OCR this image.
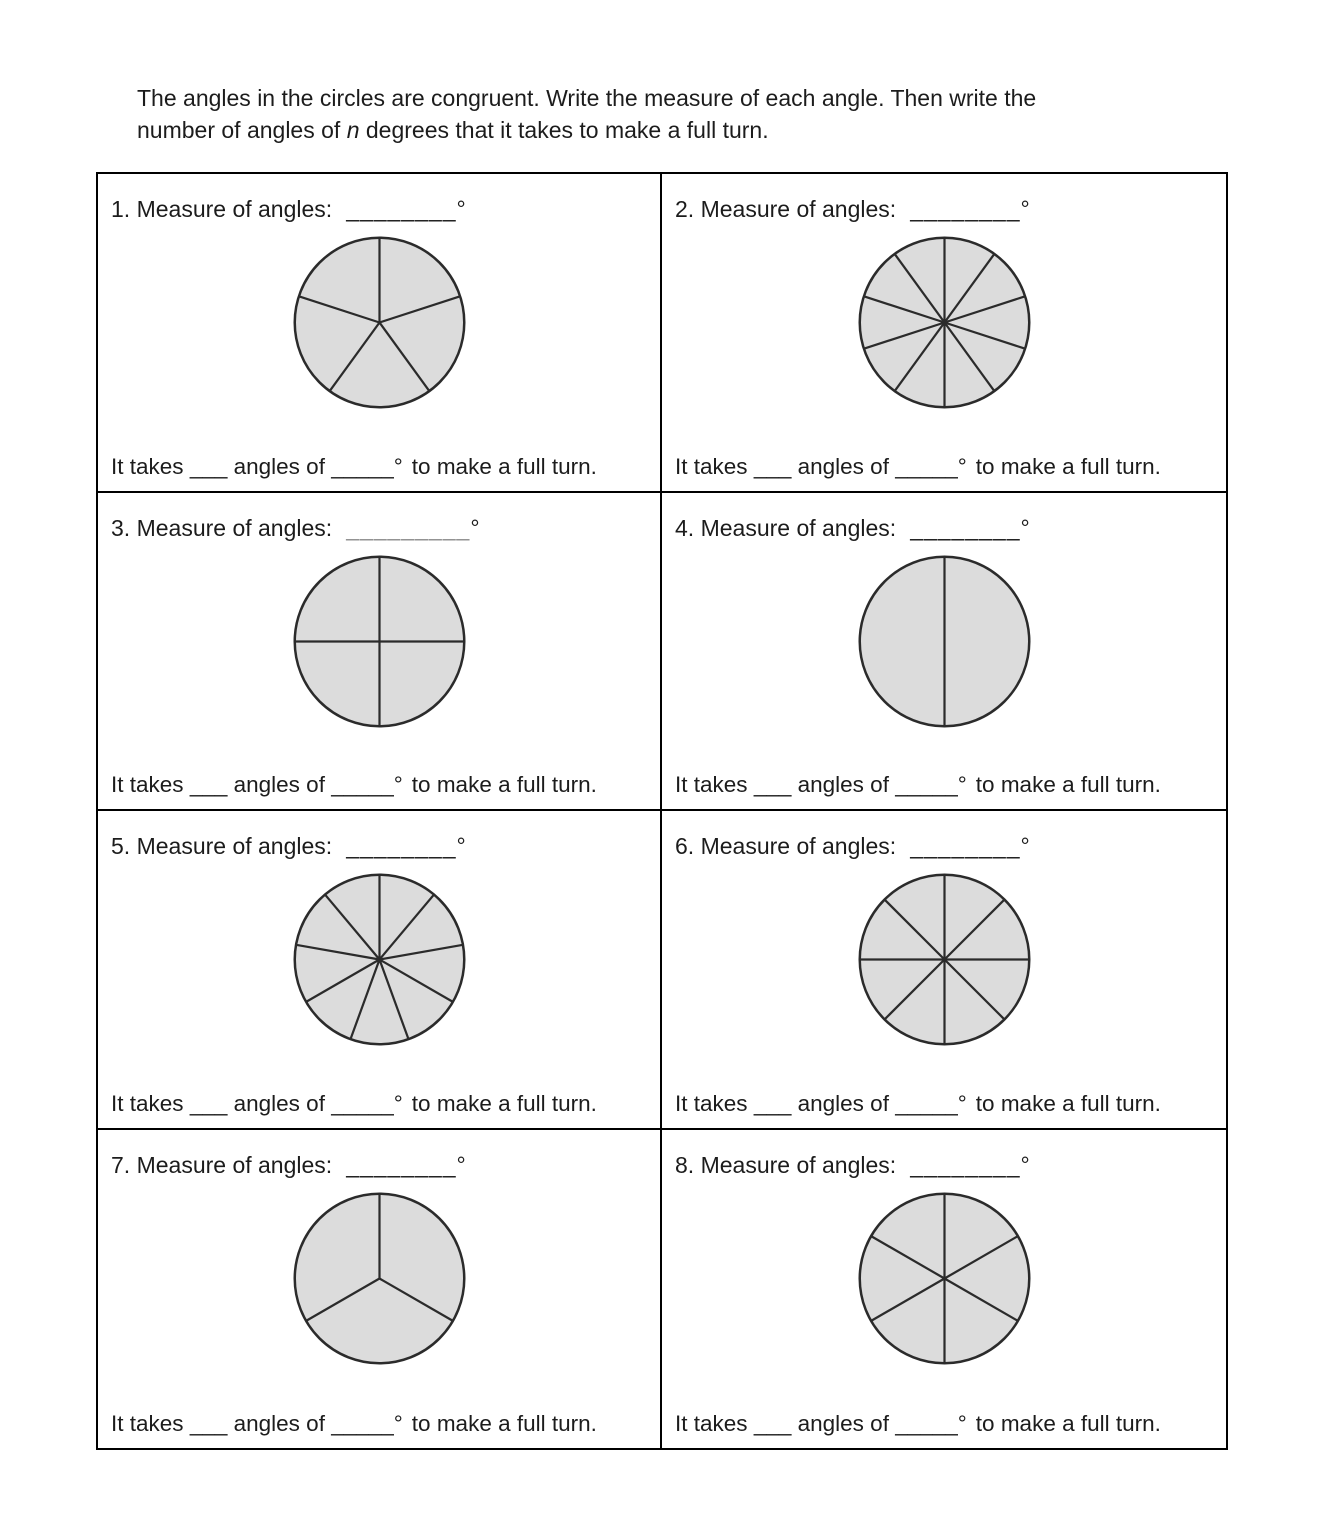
The angles in the circles are congruent. Write the measure of each angle. Then write the
number of angles of n degrees that it takes to make a full turn.
1. Measure of angles: ________°
It takes ___ angles of _____° to make a full turn.
2. Measure of angles: ________°
It takes ___ angles of _____° to make a full turn.
3. Measure of angles: _________°
It takes ___ angles of _____° to make a full turn.
4. Measure of angles: ________°
It takes ___ angles of _____° to make a full turn.
5. Measure of angles: ________°
It takes ___ angles of _____° to make a full turn.
6. Measure of angles: ________°
It takes ___ angles of _____° to make a full turn.
7. Measure of angles: ________°
It takes ___ angles of _____° to make a full turn.
8. Measure of angles: ________°
It takes ___ angles of _____° to make a full turn.
